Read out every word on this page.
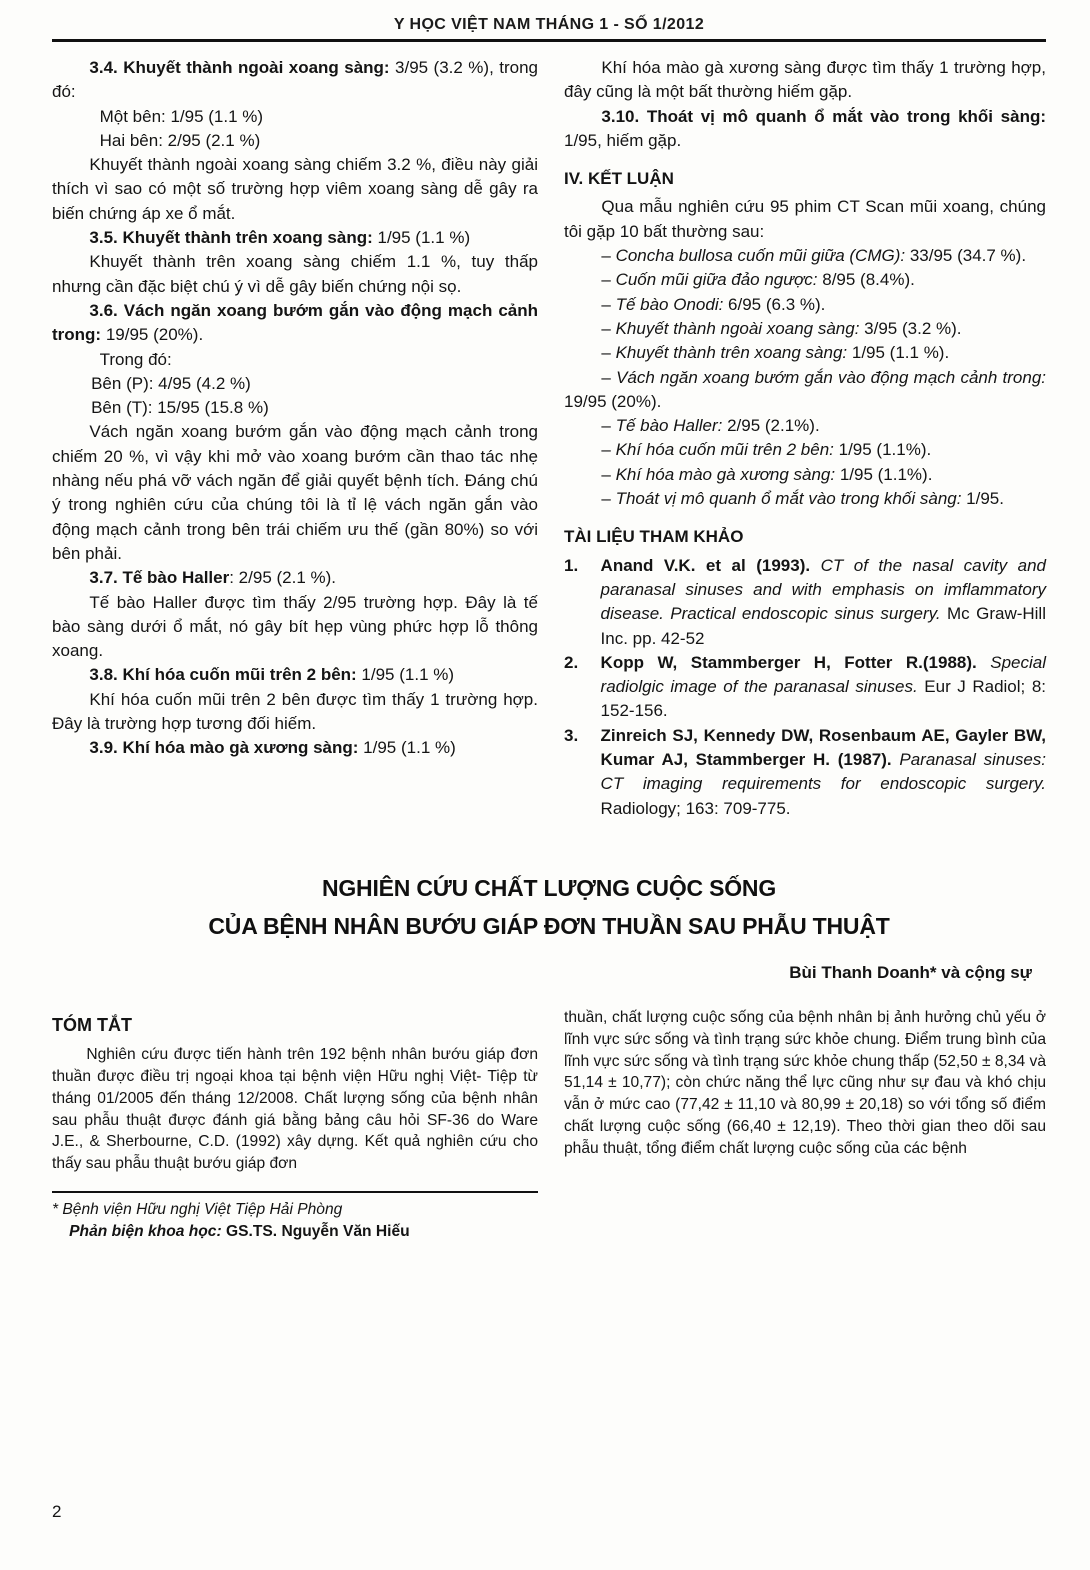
Y HỌC VIỆT NAM THÁNG 1 - SỐ 1/2012

3.4. Khuyết thành ngoài xoang sàng: 3/95 (3.2 %), trong đó:

Một bên: 1/95 (1.1 %)

Hai bên: 2/95 (2.1 %)

Khuyết thành ngoài xoang sàng chiếm 3.2 %, điều này giải thích vì sao có một số trường hợp viêm xoang sàng dễ gây ra biến chứng áp xe ổ mắt.

3.5. Khuyết thành trên xoang sàng: 1/95 (1.1 %)

Khuyết thành trên xoang sàng chiếm 1.1 %, tuy thấp nhưng cần đặc biệt chú ý vì dễ gây biến chứng nội sọ.

3.6. Vách ngăn xoang bướm gắn vào động mạch cảnh trong: 19/95 (20%).

Trong đó:

Bên (P): 4/95 (4.2 %)

Bên (T): 15/95 (15.8 %)

Vách ngăn xoang bướm gắn vào động mạch cảnh trong chiếm 20 %, vì vậy khi mở vào xoang bướm cần thao tác nhẹ nhàng nếu phá vỡ vách ngăn để giải quyết bệnh tích. Đáng chú ý trong nghiên cứu của chúng tôi là tỉ lệ vách ngăn gắn vào động mạch cảnh trong bên trái chiếm ưu thế (gần 80%) so với bên phải.

3.7. Tế bào Haller: 2/95 (2.1 %).

Tế bào Haller được tìm thấy 2/95 trường hợp. Đây là tế bào sàng dưới ổ mắt, nó gây bít hẹp vùng phức hợp lỗ thông xoang.

3.8. Khí hóa cuốn mũi trên 2 bên: 1/95 (1.1 %)

Khí hóa cuốn mũi trên 2 bên được tìm thấy 1 trường hợp. Đây là trường hợp tương đối hiếm.

3.9. Khí hóa mào gà xương sàng: 1/95 (1.1 %)

Khí hóa mào gà xương sàng được tìm thấy 1 trường hợp, đây cũng là một bất thường hiếm gặp.

3.10. Thoát vị mô quanh ổ mắt vào trong khối sàng: 1/95, hiếm gặp.

IV. KẾT LUẬN

Qua mẫu nghiên cứu 95 phim CT Scan mũi xoang, chúng tôi gặp 10 bất thường sau:

– Concha bullosa cuốn mũi giữa (CMG): 33/95 (34.7 %).

– Cuốn mũi giữa đảo ngược: 8/95 (8.4%).

– Tế bào Onodi: 6/95 (6.3 %).

– Khuyết thành ngoài xoang sàng: 3/95 (3.2 %).

– Khuyết thành trên xoang sàng: 1/95 (1.1 %).

– Vách ngăn xoang bướm gắn vào động mạch cảnh trong: 19/95 (20%).

– Tế bào Haller: 2/95 (2.1%).

– Khí hóa cuốn mũi trên 2 bên: 1/95 (1.1%).

– Khí hóa mào gà xương sàng: 1/95 (1.1%).

– Thoát vị mô quanh ổ mắt vào trong khối sàng: 1/95.

TÀI LIỆU THAM KHẢO

1. Anand V.K. et al (1993). CT of the nasal cavity and paranasal sinuses and with emphasis on imflammatory disease. Practical endoscopic sinus surgery. Mc Graw-Hill Inc. pp. 42-52

2. Kopp W, Stammberger H, Fotter R.(1988). Special radiolgic image of the paranasal sinuses. Eur J Radiol; 8: 152-156.

3. Zinreich SJ, Kennedy DW, Rosenbaum AE, Gayler BW, Kumar AJ, Stammberger H. (1987). Paranasal sinuses: CT imaging requirements for endoscopic surgery. Radiology; 163: 709-775.

NGHIÊN CỨU CHẤT LƯỢNG CUỘC SỐNG
CỦA BỆNH NHÂN BƯỚU GIÁP ĐƠN THUẦN SAU PHẪU THUẬT
Bùi Thanh Doanh* và cộng sự
TÓM TẮT

Nghiên cứu được tiến hành trên 192 bệnh nhân bướu giáp đơn thuần được điều trị ngoại khoa tại bệnh viện Hữu nghị Việt- Tiệp từ tháng 01/2005 đến tháng 12/2008. Chất lượng sống của bệnh nhân sau phẫu thuật được đánh giá bằng bảng câu hỏi SF-36 do Ware J.E., & Sherbourne, C.D. (1992) xây dựng. Kết quả nghiên cứu cho thấy sau phẫu thuật bướu giáp đơn

* Bệnh viện Hữu nghị Việt Tiệp Hải Phòng

Phản biện khoa học: GS.TS. Nguyễn Văn Hiếu

thuần, chất lượng cuộc sống của bệnh nhân bị ảnh hưởng chủ yếu ở lĩnh vực sức sống và tình trạng sức khỏe chung. Điểm trung bình của lĩnh vực sức sống và tình trạng sức khỏe chung thấp (52,50 ± 8,34 và 51,14 ± 10,77); còn chức năng thể lực cũng như sự đau và khó chịu vẫn ở mức cao (77,42 ± 11,10 và 80,99 ± 20,18) so với tổng số điểm chất lượng cuộc sống (66,40 ± 12,19). Theo thời gian theo dõi sau phẫu thuật, tổng điểm chất lượng cuộc sống của các bệnh

2
